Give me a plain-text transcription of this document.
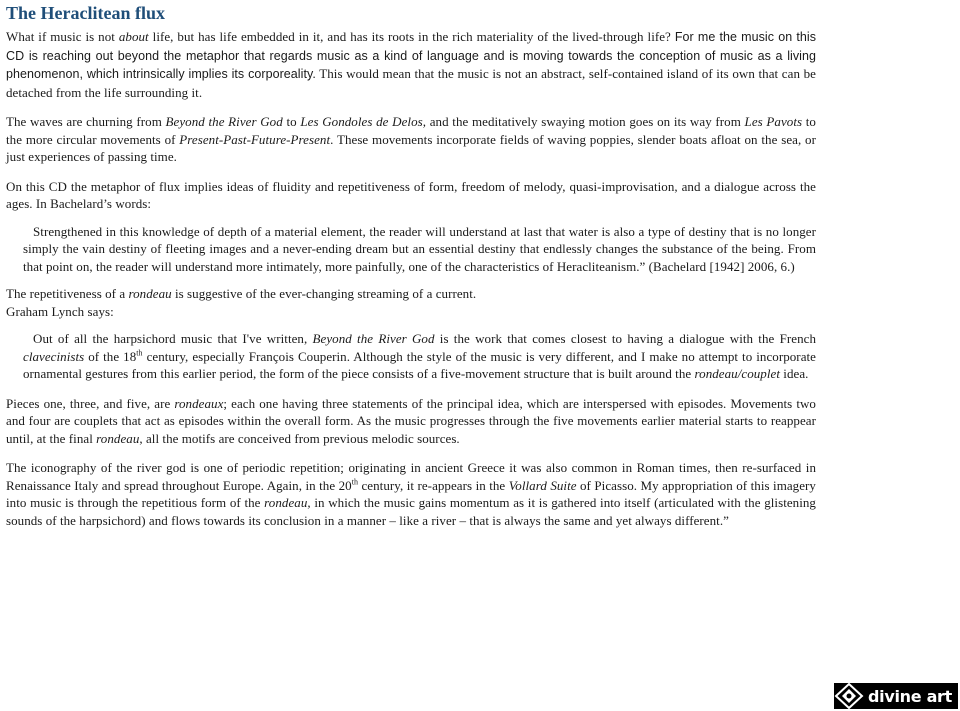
The Heraclitean flux

What if music is not about life, but has life embedded in it, and has its roots in the rich materiality of the lived-through life? For me the music on this CD is reaching out beyond the metaphor that regards music as a kind of language and is moving towards the conception of music as a living phenomenon, which intrinsically implies its corporeality. This would mean that the music is not an abstract, self-contained island of its own that can be detached from the life surrounding it.

The waves are churning from Beyond the River God to Les Gondoles de Delos, and the meditatively swaying motion goes on its way from Les Pavots to the more circular movements of Present-Past-Future-Present. These movements incorporate fields of waving poppies, slender boats afloat on the sea, or just experiences of passing time.

On this CD the metaphor of flux implies ideas of fluidity and repetitiveness of form, freedom of melody, quasi-improvisation, and a dialogue across the ages. In Bachelard’s words:

Strengthened in this knowledge of depth of a material element, the reader will understand at last that water is also a type of destiny that is no longer simply the vain destiny of fleeting images and a never-ending dream but an essential destiny that endlessly changes the substance of the being. From that point on, the reader will understand more intimately, more painfully, one of the characteristics of Heracliteanism.” (Bachelard [1942] 2006, 6.)

The repetitiveness of a rondeau is suggestive of the ever-changing streaming of a current.
Graham Lynch says:

Out of all the harpsichord music that I've written, Beyond the River God is the work that comes closest to having a dialogue with the French clavecinists of the 18th century, especially François Couperin. Although the style of the music is very different, and I make no attempt to incorporate ornamental gestures from this earlier period, the form of the piece consists of a five-movement structure that is built around the rondeau/couplet idea.

Pieces one, three, and five, are rondeaux; each one having three statements of the principal idea, which are interspersed with episodes. Movements two and four are couplets that act as episodes within the overall form. As the music progresses through the five movements earlier material starts to reappear until, at the final rondeau, all the motifs are conceived from previous melodic sources.

The iconography of the river god is one of periodic repetition; originating in ancient Greece it was also common in Roman times, then re-surfaced in Renaissance Italy and spread throughout Europe. Again, in the 20th century, it re-appears in the Vollard Suite of Picasso. My appropriation of this imagery into music is through the repetitious form of the rondeau, in which the music gains momentum as it is gathered into itself (articulated with the glistening sounds of the harpsichord) and flows towards its conclusion in a manner – like a river – that is always the same and yet always different.”

divine art
